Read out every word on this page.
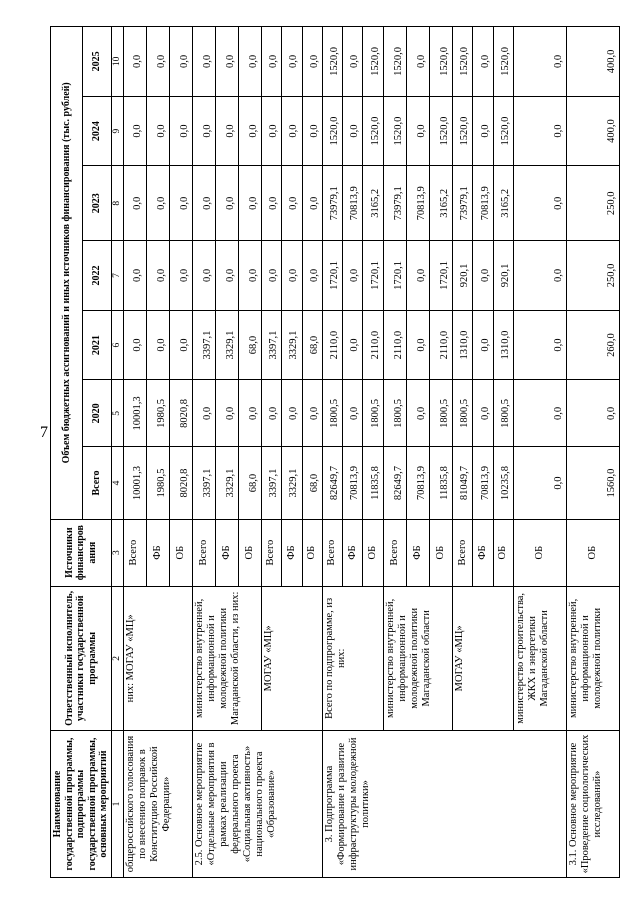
7
Наименование государственной программы, подпрограммы государственной программы, основных мероприятий	Ответственный исполнитель, участники государственной программы	Источники финансиров ания	Объем бюджетных ассигнований и иных источников финансирования (тыс. рублей)						
			Всего	2020	2021	2022	2023	2024	2025
1	2	3	4	5	6	7	8	9	10
общероссийского голосования по внесению поправок в Конституцию Российской Федерации»	них: МОГАУ «МЦ»	Всего	10001,3	10001,3	0,0	0,0	0,0	0,0	0,0
		ФБ	1980,5	1980,5	0,0	0,0	0,0	0,0	0,0
		ОБ	8020,8	8020,8	0,0	0,0	0,0	0,0	0,0
2.5. Основное мероприятие «Отдельные мероприятия в рамках реализации федерального проекта «Социальная активность» национального проекта «Образование»	министерство внутренней, информационной и молодежной политики Магаданской области, из них:	Всего	3397,1	0,0	3397,1	0,0	0,0	0,0	0,0
		ФБ	3329,1	0,0	3329,1	0,0	0,0	0,0	0,0
		ОБ	68,0	0,0	68,0	0,0	0,0	0,0	0,0
	МОГАУ «МЦ»	Всего	3397,1	0,0	3397,1	0,0	0,0	0,0	0,0
		ФБ	3329,1	0,0	3329,1	0,0	0,0	0,0	0,0
		ОБ	68,0	0,0	68,0	0,0	0,0	0,0	0,0
3. Подпрограмма «Формирование и развитие инфраструктуры молодежной политики»	Всего по подпрограмме, из них:	Всего	82649,7	1800,5	2110,0	1720,1	73979,1	1520,0	1520,0
		ФБ	70813,9	0,0	0,0	0,0	70813,9	0,0	0,0
		ОБ	11835,8	1800,5	2110,0	1720,1	3165,2	1520,0	1520,0
	министерство внутренней, информационной и молодежной политики Магаданской области	Всего	82649,7	1800,5	2110,0	1720,1	73979,1	1520,0	1520,0
		ФБ	70813,9	0,0	0,0	0,0	70813,9	0,0	0,0
		ОБ	11835,8	1800,5	2110,0	1720,1	3165,2	1520,0	1520,0
	МОГАУ «МЦ»	Всего	81049,7	1800,5	1310,0	920,1	73979,1	1520,0	1520,0
		ФБ	70813,9	0,0	0,0	0,0	70813,9	0,0	0,0
		ОБ	10235,8	1800,5	1310,0	920,1	3165,2	1520,0	1520,0
	министерство строительства, ЖКХ и энергетики Магаданской области	ОБ	0,0	0,0	0,0	0,0	0,0	0,0	0,0
3.1. Основное мероприятие «Проведение социологических исследований»	министерство внутренней, информационной и молодежной политики	ОБ	1560,0	0,0	260,0	250,0	250,0	400,0	400,0
